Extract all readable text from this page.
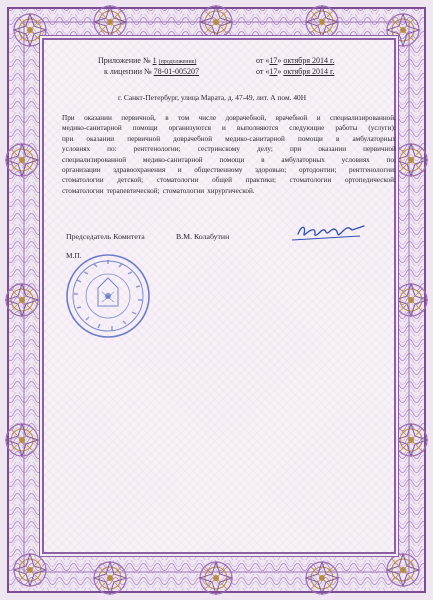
Приложение № 1 (продолжение)	от «17» октября 2014 г.
к лицензии № 78-01-005207	от «17» октября 2014 г.
г. Санкт-Петербург, улица Марата, д. 47-49, лит. А пом. 40Н
При оказании первичной, в том числе доврачебной, врачебной и специализированной,
медико-санитарной помощи организуются и выполняются следующие работы (услуги):
при оказании первичной доврачебной медико-санитарной помощи в амбулаторных
условиях по: рентгенологии; сестринскому делу; при оказании первичной
специализированной медико-санитарной помощи в амбулаторных условиях по:
организации здравоохранения и общественному здоровью; ортодонтии; рентгенологии;
стоматологии детской; стоматологии общей практики; стоматологии ортопедической;
стоматологии терапевтической; стоматологии хирургической.
Председатель Комитета	В.М. Колабутин
М.П.
